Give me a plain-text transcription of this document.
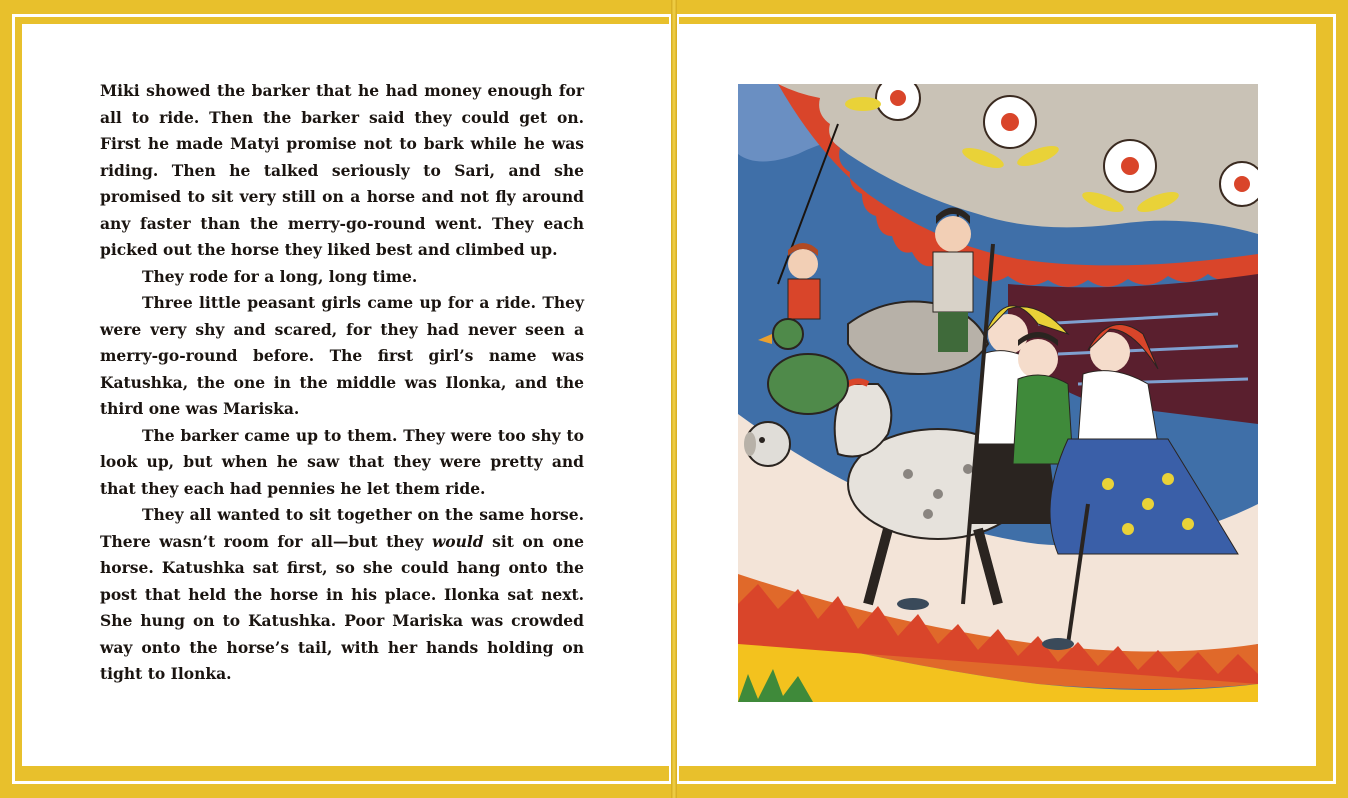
Miki showed the barker that he had money enough for all to ride. Then the barker said they could get on. First he made Matyi promise not to bark while he was riding. Then he talked seriously to Sari, and she promised to sit very still on a horse and not fly around any faster than the merry-go-round went. They each picked out the horse they liked best and climbed up.

They rode for a long, long time.

Three little peasant girls came up for a ride. They were very shy and scared, for they had never seen a merry-go-round before. The first girl’s name was Katushka, the one in the middle was Ilonka, and the third one was Mariska.

The barker came up to them. They were too shy to look up, but when he saw that they were pretty and that they each had pennies he let them ride.

They all wanted to sit together on the same horse. There wasn’t room for all—but they would sit on one horse. Katushka sat first, so she could hang onto the post that held the horse in his place. Ilonka sat next. She hung on to Katushka. Poor Mariska was crowded way onto the horse’s tail, with her hands holding on tight to Ilonka.
